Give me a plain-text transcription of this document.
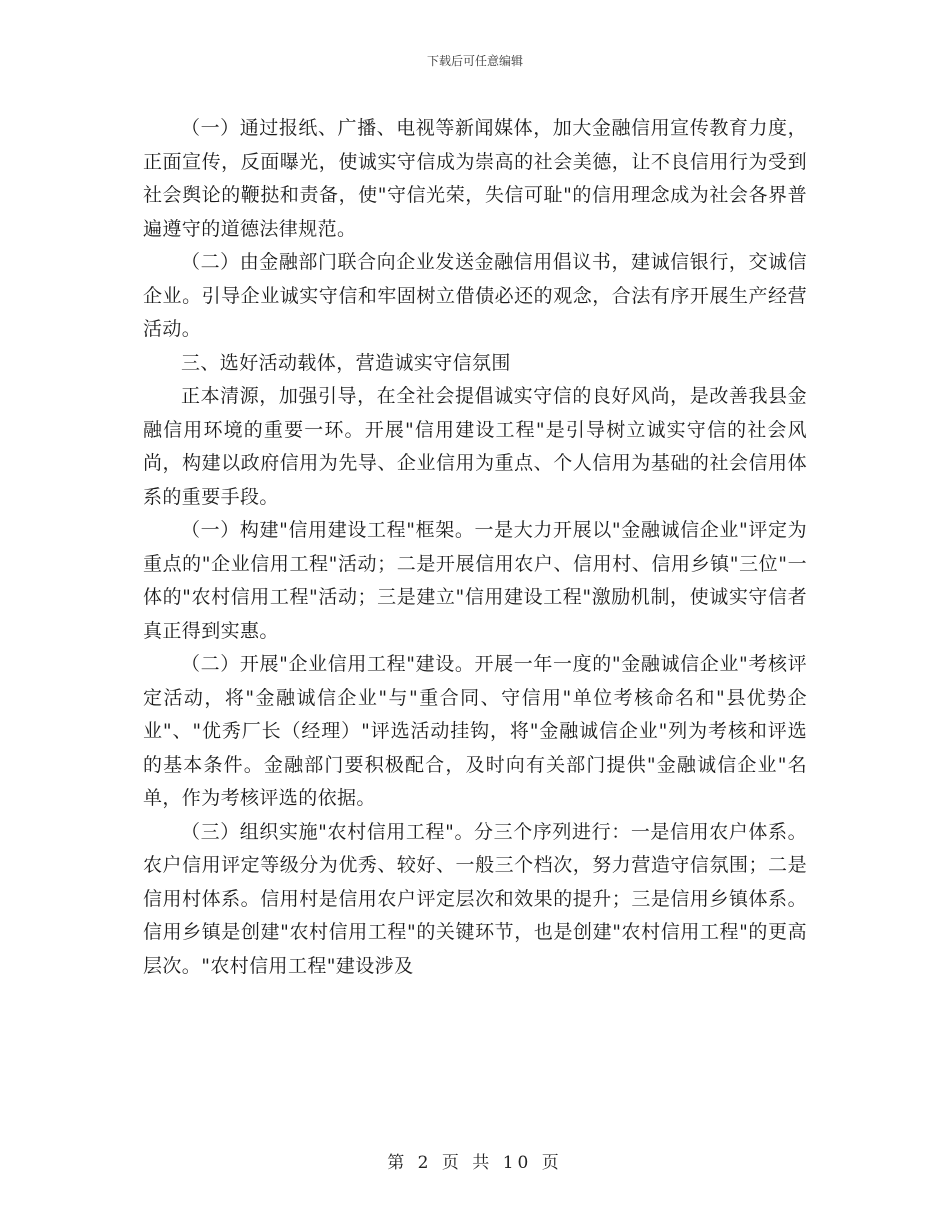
下载后可任意编辑

（一）通过报纸、广播、电视等新闻媒体，加大金融信用宣传教育力度，正面宣传，反面曝光，使诚实守信成为崇高的社会美德，让不良信用行为受到社会舆论的鞭挞和责备，使"守信光荣，失信可耻"的信用理念成为社会各界普遍遵守的道德法律规范。

（二）由金融部门联合向企业发送金融信用倡议书，建诚信银行，交诚信企业。引导企业诚实守信和牢固树立借债必还的观念，合法有序开展生产经营活动。

三、选好活动载体，营造诚实守信氛围

正本清源，加强引导，在全社会提倡诚实守信的良好风尚，是改善我县金融信用环境的重要一环。开展"信用建设工程"是引导树立诚实守信的社会风尚，构建以政府信用为先导、企业信用为重点、个人信用为基础的社会信用体系的重要手段。

（一）构建"信用建设工程"框架。一是大力开展以"金融诚信企业"评定为重点的"企业信用工程"活动；二是开展信用农户、信用村、信用乡镇"三位"一体的"农村信用工程"活动；三是建立"信用建设工程"激励机制，使诚实守信者真正得到实惠。

（二）开展"企业信用工程"建设。开展一年一度的"金融诚信企业"考核评定活动，将"金融诚信企业"与"重合同、守信用"单位考核命名和"县优势企业"、"优秀厂长（经理）"评选活动挂钩，将"金融诚信企业"列为考核和评选的基本条件。金融部门要积极配合，及时向有关部门提供"金融诚信企业"名单，作为考核评选的依据。

（三）组织实施"农村信用工程"。分三个序列进行：一是信用农户体系。农户信用评定等级分为优秀、较好、一般三个档次，努力营造守信氛围；二是信用村体系。信用村是信用农户评定层次和效果的提升；三是信用乡镇体系。信用乡镇是创建"农村信用工程"的关键环节，也是创建"农村信用工程"的更高层次。"农村信用工程"建设涉及

第 2 页 共 10 页
